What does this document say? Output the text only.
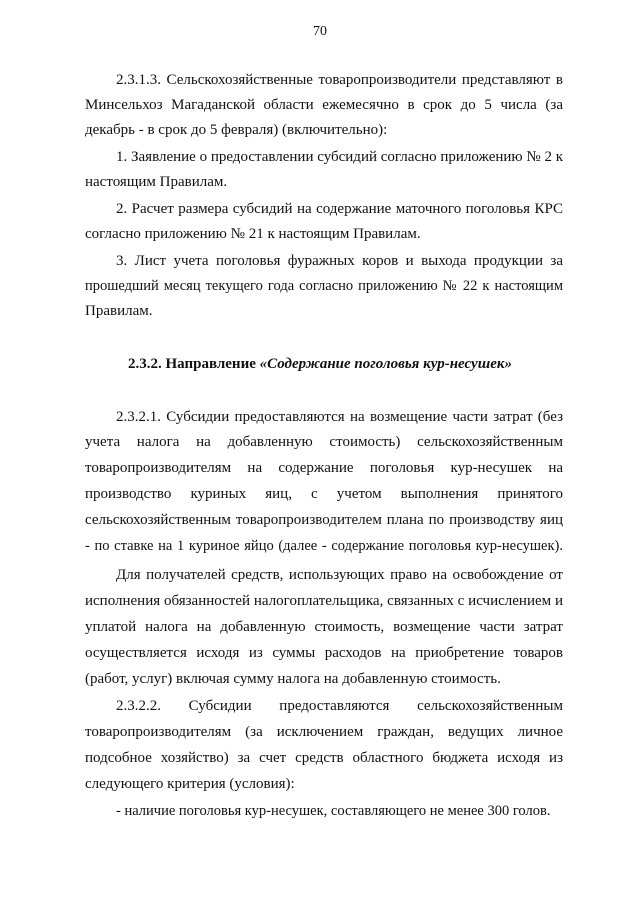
70
2.3.1.3. Сельскохозяйственные товаропроизводители представляют в
Минсельхоз Магаданской области ежемесячно в срок до 5 числа (за
декабрь - в срок до 5 февраля) (включительно):
1. Заявление о предоставлении субсидий согласно приложению № 2 к
настоящим Правилам.
2. Расчет размера субсидий на содержание маточного поголовья КРС
согласно приложению № 21 к настоящим Правилам.
3. Лист учета поголовья фуражных коров и выхода продукции за
прошедший месяц текущего года согласно приложению № 22 к настоящим
Правилам.
2.3.2. Направление «Содержание поголовья кур-несушек»
2.3.2.1. Субсидии предоставляются на возмещение части затрат (без
учета налога на добавленную стоимость) сельскохозяйственным
товаропроизводителям на содержание поголовья кур-несушек на
производство куриных яиц, с учетом выполнения принятого
сельскохозяйственным товаропроизводителем плана по производству яиц
- по ставке на 1 куриное яйцо (далее - содержание поголовья кур-несушек).
Для получателей средств, использующих право на освобождение от
исполнения обязанностей налогоплательщика, связанных с исчислением и
уплатой налога на добавленную стоимость, возмещение части затрат
осуществляется исходя из суммы расходов на приобретение товаров
(работ, услуг) включая сумму налога на добавленную стоимость.
2.3.2.2. Субсидии предоставляются сельскохозяйственным
товаропроизводителям (за исключением граждан, ведущих личное
подсобное хозяйство) за счет средств областного бюджета исходя из
следующего критерия (условия):
- наличие поголовья кур-несушек, составляющего не менее 300 голов.
